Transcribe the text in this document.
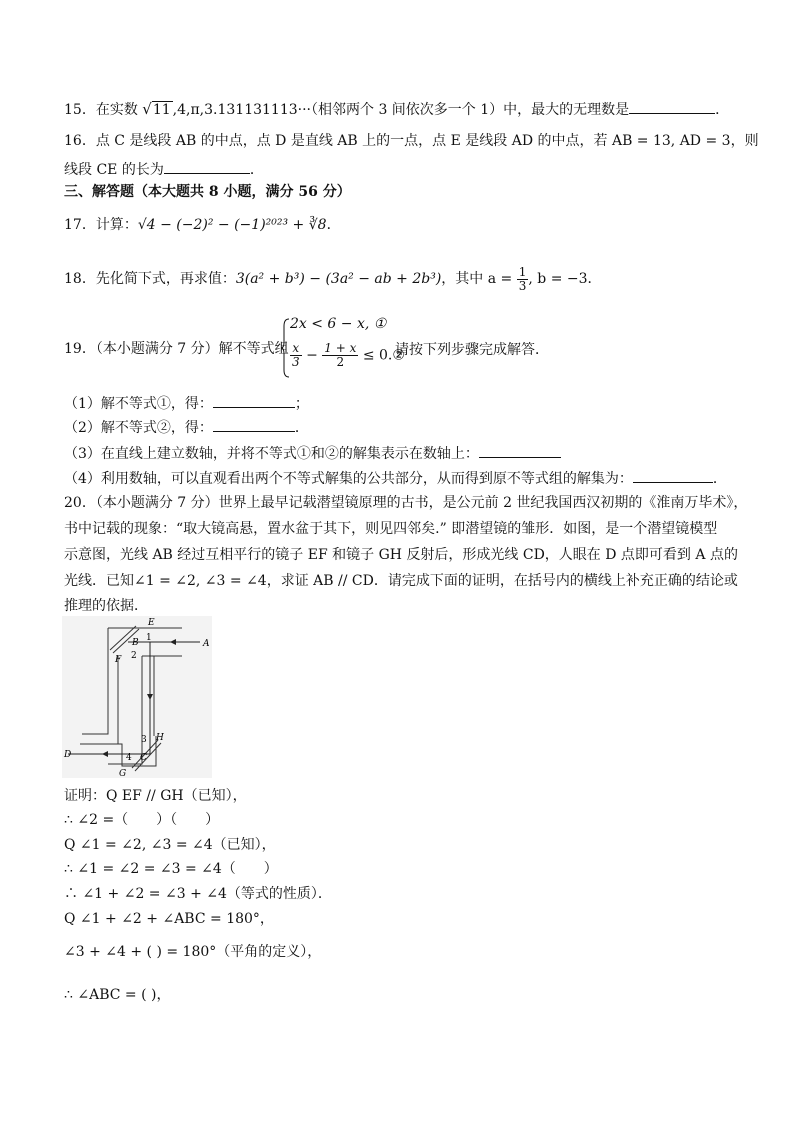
15．在实数 √11 ,4,π,3.131131113···（相邻两个 3 间依次多一个 1）中，最大的无理数是	．
16．点 C 是线段 AB 的中点，点 D 是直线 AB 上的一点，点 E 是线段 AD 的中点，若 AB = 13, AD = 3，则
线段 CE 的长为	．
三、解答题（本大题共 8 小题，满分 56 分）
17．计算：√4 − (−2)² − (−1)²⁰²³ + ∛8．
18．先化简下式，再求值：3(a² + b³) − (3a² − ab + 2b³)，其中 $a = \frac{1}{3}$ , b = −3．
19．（本小题满分 7 分）解不等式组
2x < 6 − x, ①
$\frac{x}{3} - \frac{1 + x}{2}$ ≤ 0.②
请按下列步骤完成解答．
（1）解不等式①，得：	；
（2）解不等式②，得：	．
（3）在直线上建立数轴，并将不等式①和②的解集表示在数轴上：
（4）利用数轴，可以直观看出两个不等式解集的公共部分，从而得到原不等式组的解集为：	．
20．（本小题满分 7 分）世界上最早记载潜望镜原理的古书，是公元前 2 世纪我国西汉初期的《淮南万毕术》，
书中记载的现象：“取大镜高悬，置水盆于其下，则见四邻矣.” 即潜望镜的雏形．如图，是一个潜望镜模型
示意图，光线 AB 经过互相平行的镜子 EF 和镜子 GH 反射后，形成光线 CD，人眼在 D 点即可看到 A 点的
光线．已知∠1 = ∠2, ∠3 = ∠4，求证 AB // CD．请完成下面的证明，在括号内的横线上补充正确的结论或
推理的依据．
E
B 1
A
F 2
3 H
D	4 C
G
证明：Q EF // GH（已知），
∴ ∠2 =（　　）（　　）
Q ∠1 = ∠2, ∠3 = ∠4（已知），
∴ ∠1 = ∠2 = ∠3 = ∠4（　　）
∴ ∠1 + ∠2 = ∠3 + ∠4（等式的性质）．
Q ∠1 + ∠2 + ∠ABC = 180°，
∠3 + ∠4 + ( ) = 180°（平角的定义），
∴ ∠ABC = ( )，
